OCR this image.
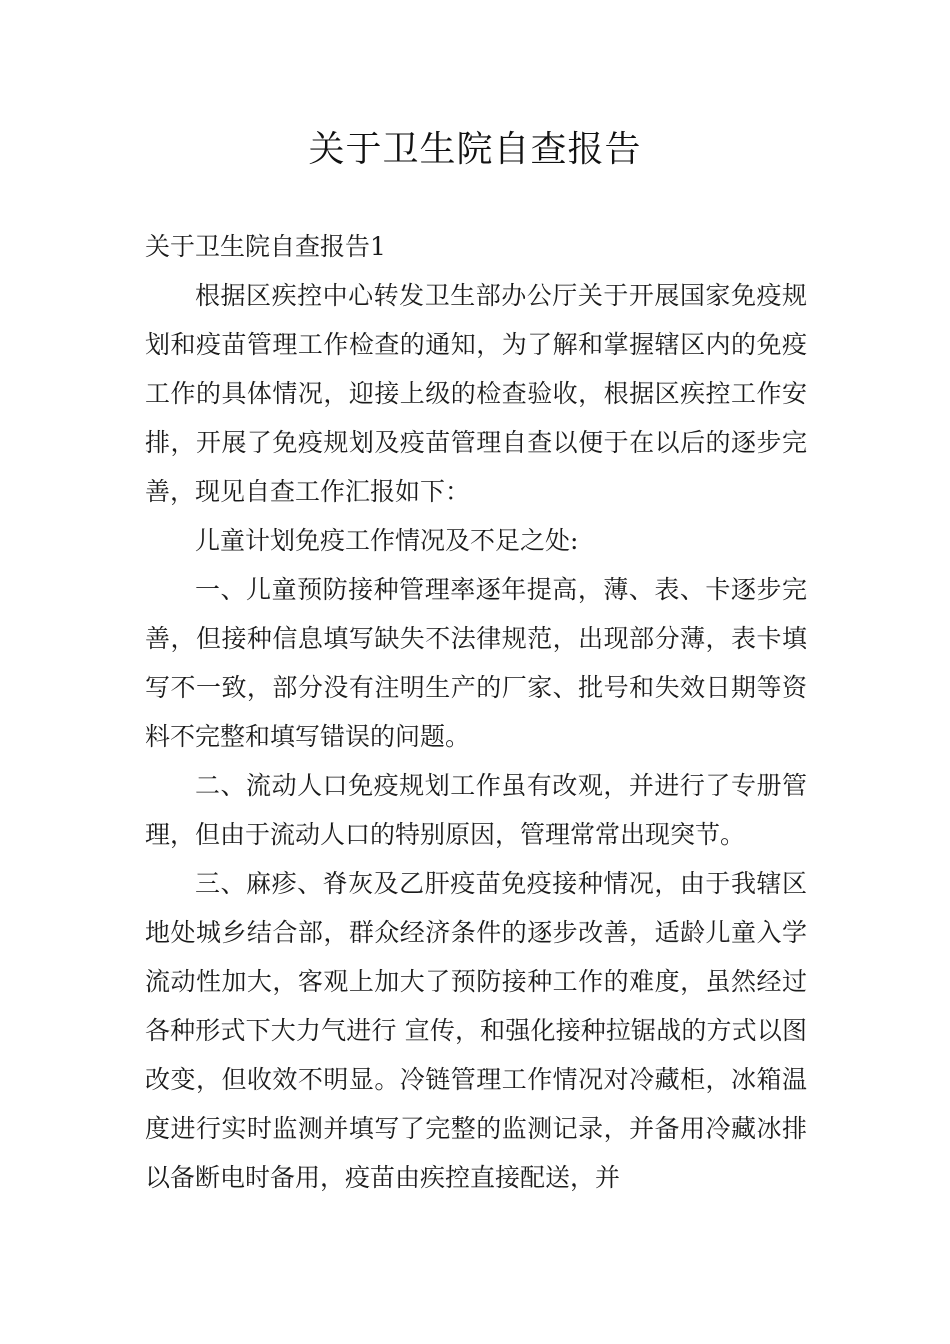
关于卫生院自查报告

关于卫生院自查报告1

根据区疾控中心转发卫生部办公厅关于开展国家免疫规划和疫苗管理工作检查的通知，为了解和掌握辖区内的免疫工作的具体情况，迎接上级的检查验收，根据区疾控工作安排，开展了免疫规划及疫苗管理自查以便于在以后的逐步完善，现见自查工作汇报如下：

儿童计划免疫工作情况及不足之处:

一、儿童预防接种管理率逐年提高，薄、表、卡逐步完善，但接种信息填写缺失不法律规范，出现部分薄，表卡填写不一致，部分没有注明生产的厂家、批号和失效日期等资料不完整和填写错误的问题。

二、流动人口免疫规划工作虽有改观，并进行了专册管理，但由于流动人口的特别原因，管理常常出现突节。

三、麻疹、脊灰及乙肝疫苗免疫接种情况，由于我辖区地处城乡结合部，群众经济条件的逐步改善，适龄儿童入学流动性加大，客观上加大了预防接种工作的难度，虽然经过各种形式下大力气进行 宣传，和强化接种拉锯战的方式以图改变，但收效不明显。冷链管理工作情况对冷藏柜，冰箱温度进行实时监测并填写了完整的监测记录，并备用冷藏冰排以备断电时备用，疫苗由疾控直接配送，并
